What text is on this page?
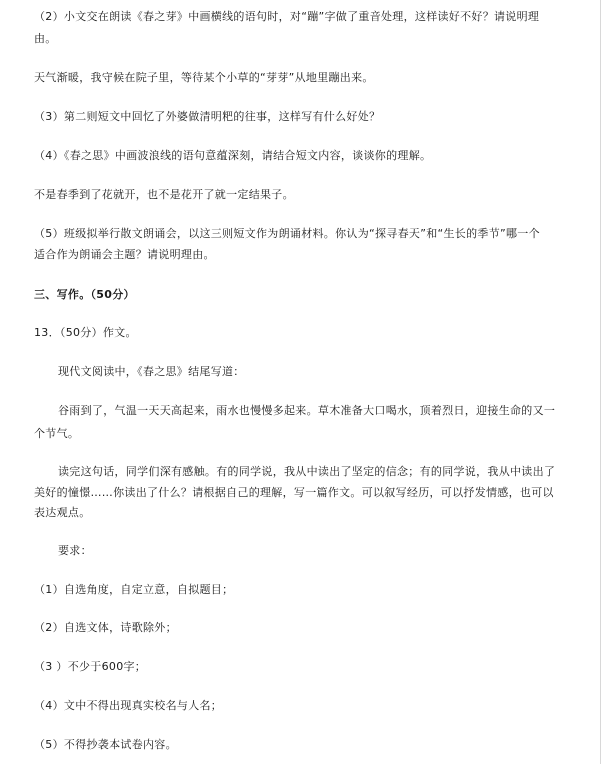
（2）小文交在朗读《春之芽》中画横线的语句时，对“蹦”字做了重音处理，这样读好不好？请说明理
由。
天气渐暖，我守候在院子里，等待某个小草的“芽芽”从地里蹦出来。
（3）第二则短文中回忆了外婆做清明粑的往事，这样写有什么好处？
（4）《春之思》中画波浪线的语句意蕴深刻，请结合短文内容，谈谈你的理解。
不是春季到了花就开，也不是花开了就一定结果子。
（5）班级拟举行散文朗诵会，以这三则短文作为朗诵材料。你认为“探寻春天”和“生长的季节”哪一个
适合作为朗诵会主题？请说明理由。
三、写作。（50分）
13．（50分）作文。
现代文阅读中，《春之思》结尾写道：
谷雨到了，气温一天天高起来，雨水也慢慢多起来。草木准备大口喝水，顶着烈日，迎接生命的又一
个节气。
读完这句话，同学们深有感触。有的同学说，我从中读出了坚定的信念；有的同学说，我从中读出了
美好的憧憬……你读出了什么？请根据自己的理解，写一篇作文。可以叙写经历，可以抒发情感，也可以
表达观点。
要求：
（1）自选角度，自定立意，自拟题目；
（2）自选文体，诗歌除外；
（3 ）不少于600字；
（4）文中不得出现真实校名与人名；
（5）不得抄袭本试卷内容。
